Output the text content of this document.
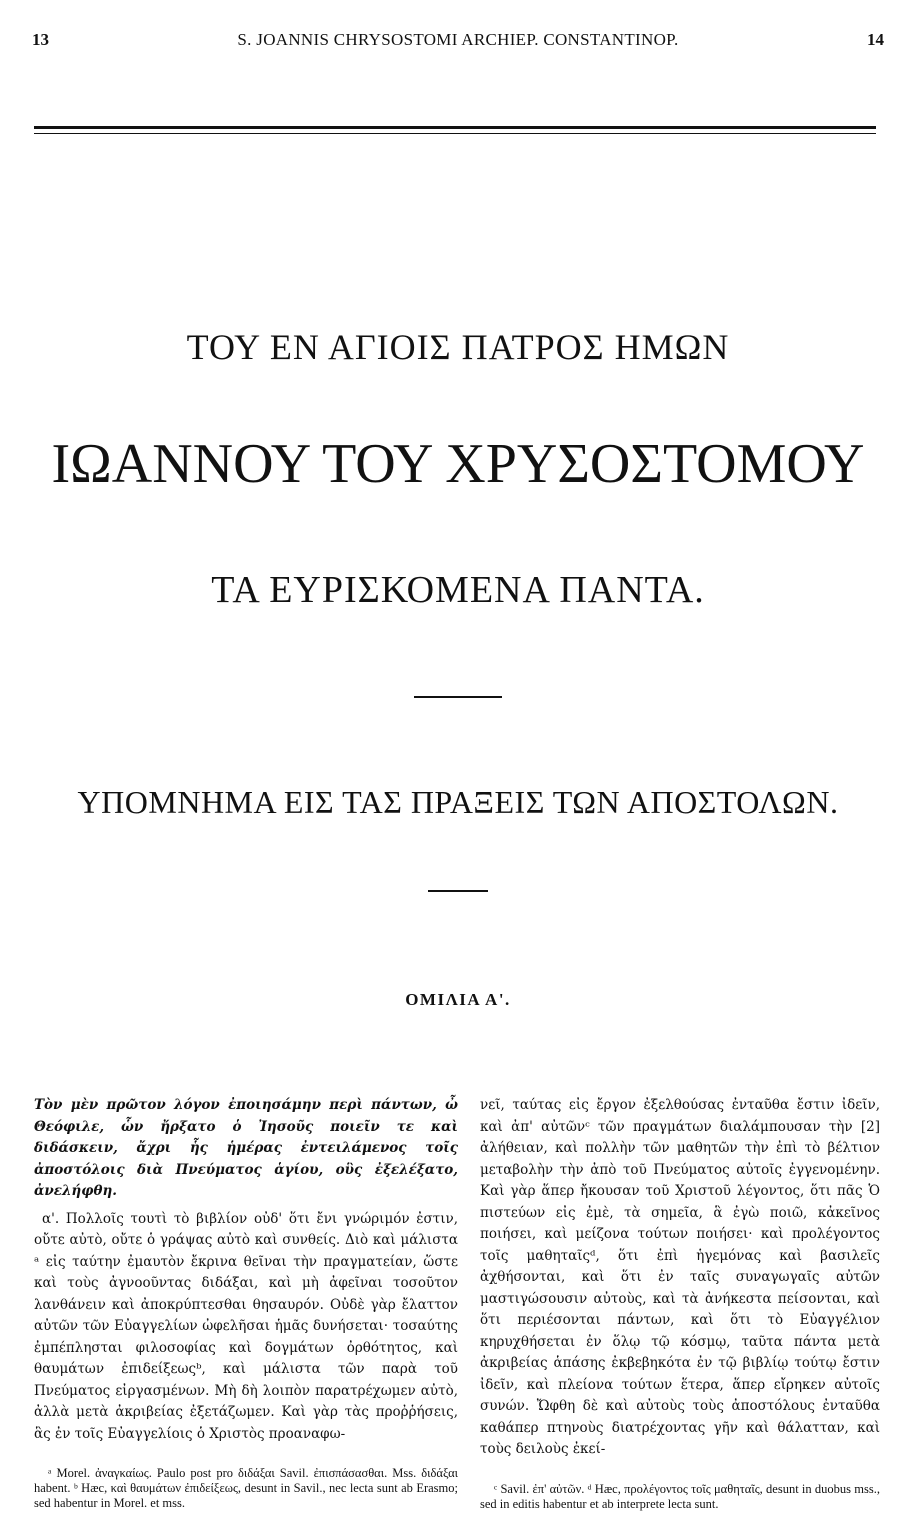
13	S. JOANNIS CHRYSOSTOMI ARCHIEP. CONSTANTINOP.	14
ΤΟΥ ΕΝ ΑΓΙΟΙΣ ΠΑΤΡΟΣ ΗΜΩΝ
ΙΩΑΝΝΟΥ ΤΟΥ ΧΡΥΣΟΣΤΟΜΟΥ
ΤΑ ΕΥΡΙΣΚΟΜΕΝΑ ΠΑΝΤΑ.
ΥΠΟΜΝΗΜΑ ΕΙΣ ΤΑΣ ΠΡΑΞΕΙΣ ΤΩΝ ΑΠΟΣΤΟΛΩΝ.
ΟΜΙΛΙΑ Α'.

Τὸν μὲν πρῶτον λόγον ἐποιησάμην περὶ πάντων, ὦ Θεόφιλε, ὧν ἤρξατο ὁ Ἰησοῦς ποιεῖν τε καὶ διδάσκειν, ἄχρι ἧς ἡμέρας ἐντειλάμενος τοῖς ἀποστόλοις διὰ Πνεύματος ἁγίου, οὓς ἐξελέξατο, ἀνελήφθη.

α'. Πολλοῖς τουτὶ τὸ βιβλίον οὐδ' ὅτι ἔνι γνώριμόν ἐστιν, οὔτε αὐτὸ, οὔτε ὁ γράψας αὐτὸ καὶ συνθείς. Διὸ καὶ μάλιστα ᵃ εἰς ταύτην ἐμαυτὸν ἔκρινα θεῖναι τὴν πραγματείαν, ὥστε καὶ τοὺς ἀγνοοῦντας διδάξαι, καὶ μὴ ἀφεῖναι τοσοῦτον λανθάνειν καὶ ἀποκρύπτεσθαι θησαυρόν. Οὐδὲ γὰρ ἔλαττον αὐτῶν τῶν Εὐαγγελίων ὠφελῆσαι ἡμᾶς δυνήσεται· τοσαύτης ἐμπέπλησται φιλοσοφίας καὶ δογμάτων ὀρθότητος, καὶ θαυμάτων ἐπιδείξεωςᵇ, καὶ μάλιστα τῶν παρὰ τοῦ Πνεύματος εἰργασμένων. Μὴ δὴ λοιπὸν παρατρέχωμεν αὐτὸ, ἀλλὰ μετὰ ἀκριβείας ἐξετάζωμεν. Καὶ γὰρ τὰς προῤῥήσεις, ἃς ἐν τοῖς Εὐαγγελίοις ὁ Χριστὸς προαναφω-

νεῖ, ταύτας εἰς ἔργον ἐξελθούσας ἐνταῦθα ἔστιν ἰδεῖν, καὶ ἀπ' αὐτῶνᶜ τῶν πραγμάτων διαλάμπουσαν τὴν [2] ἀλήθειαν, καὶ πολλὴν τῶν μαθητῶν τὴν ἐπὶ τὸ βέλτιον μεταβολὴν τὴν ἀπὸ τοῦ Πνεύματος αὐτοῖς ἐγγενομένην. Καὶ γὰρ ἅπερ ἤκουσαν τοῦ Χριστοῦ λέγοντος, ὅτι πᾶς Ὁ πιστεύων εἰς ἐμὲ, τὰ σημεῖα, ἃ ἐγὼ ποιῶ, κἀκεῖνος ποιήσει, καὶ μείζονα τούτων ποιήσει· καὶ προλέγοντος τοῖς μαθηταῖςᵈ, ὅτι ἐπὶ ἡγεμόνας καὶ βασιλεῖς ἀχθήσονται, καὶ ὅτι ἐν ταῖς συναγωγαῖς αὐτῶν μαστιγώσουσιν αὐτοὺς, καὶ τὰ ἀνήκεστα πείσονται, καὶ ὅτι περιέσονται πάντων, καὶ ὅτι τὸ Εὐαγγέλιον κηρυχθήσεται ἐν ὅλῳ τῷ κόσμῳ, ταῦτα πάντα μετὰ ἀκριβείας ἁπάσης ἐκβεβηκότα ἐν τῷ βιβλίῳ τούτῳ ἔστιν ἰδεῖν, καὶ πλείονα τούτων ἕτερα, ἅπερ εἴρηκεν αὐτοῖς συνών. Ὤφθη δὲ καὶ αὐτοὺς τοὺς ἀποστόλους ἐνταῦθα καθάπερ πτηνοὺς διατρέχοντας γῆν καὶ θάλατταν, καὶ τοὺς δειλοὺς ἐκεί-

ᵃ Morel. ἀναγκαίως. Paulo post pro διδάξαι Savil. ἐπισπάσασθαι. Mss. διδάξαι habent. ᵇ Hæc, καὶ θαυμάτων ἐπιδείξεως, desunt in Savil., nec lecta sunt ab Erasmo; sed habentur in Morel. et mss.
ᶜ Savil. ἐπ' αὐτῶν. ᵈ Hæc, προλέγοντος τοῖς μαθηταῖς, desunt in duobus mss., sed in editis habentur et ab interprete lecta sunt.
